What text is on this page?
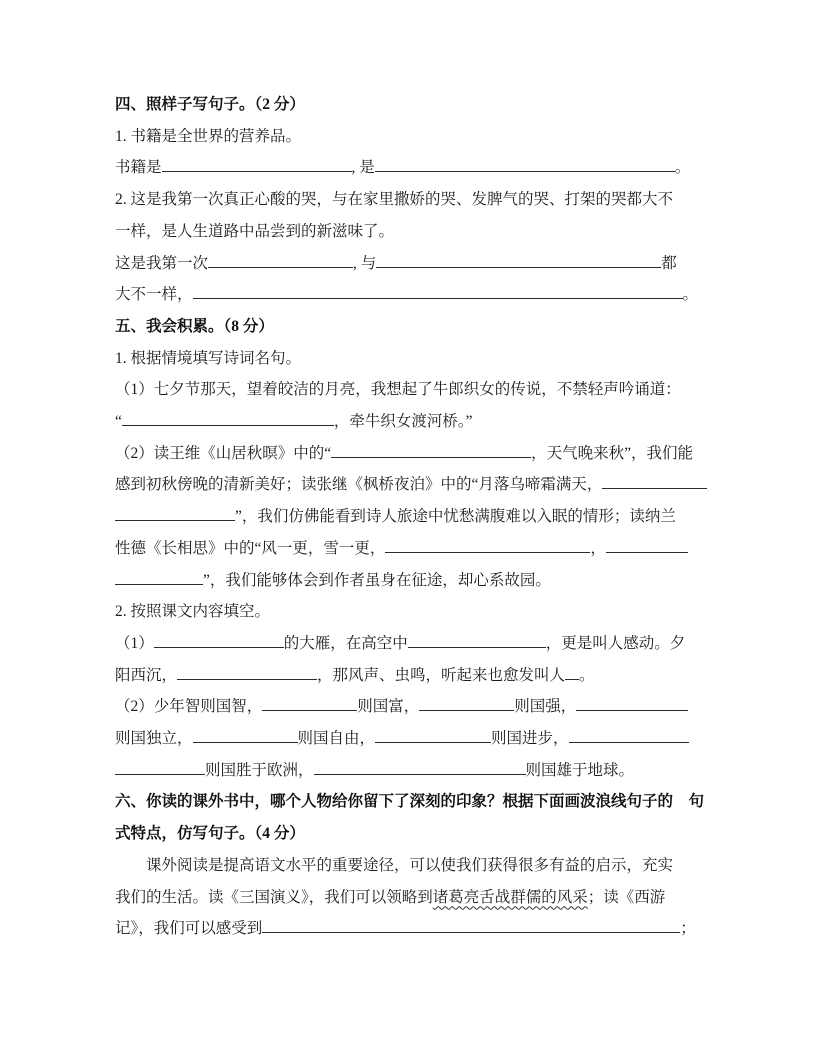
四、照样子写句子。（2 分）
1. 书籍是全世界的营养品。
书籍是	, 是	。
2. 这是我第一次真正心酸的哭，与在家里撒娇的哭、发脾气的哭、打架的哭都大不
一样，是人生道路中品尝到的新滋味了。
这是我第一次	, 与	都
大不一样，	。
五、我会积累。（8 分）
1. 根据情境填写诗词名句。
（1）七夕节那天，望着皎洁的月亮，我想起了牛郎织女的传说，不禁轻声吟诵道：
“	，牵牛织女渡河桥。”
（2）读王维《山居秋暝》中的“	，天气晚来秋”，我们能
感到初秋傍晚的清新美好；读张继《枫桥夜泊》中的“月落乌啼霜满天，
”，我们仿佛能看到诗人旅途中忧愁满腹难以入眠的情形；读纳兰
性德《长相思》中的“风一更，雪一更，	，
”，我们能够体会到作者虽身在征途，却心系故园。
2. 按照课文内容填空。
（1）	的大雁，在高空中	，更是叫人感动。夕
阳西沉，	，那风声、虫鸣，听起来也愈发叫人 。
（2）少年智则国智，	则国富，	则国强，
则国独立，	则国自由，	则国进步，
则国胜于欧洲，	则国雄于地球。
六、你读的课外书中，哪个人物给你留下了深刻的印象？根据下面画波浪线句子的　句
式特点，仿写句子。（4 分）
课外阅读是提高语文水平的重要途径，可以使我们获得很多有益的启示，充实
我们的生活。读《三国演义》，我们可以领略到诸葛亮舌战群儒的风采；读《西游
记》，我们可以感受到	；
